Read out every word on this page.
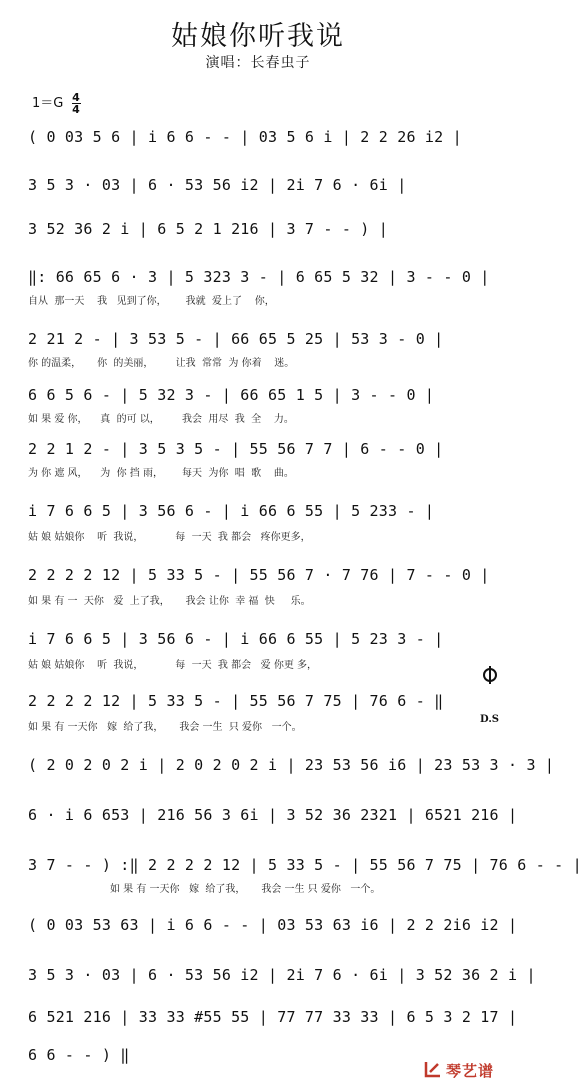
姑娘你听我说
演唱：长春虫子
$1=G \frac{4}{4}$
( 0 03 5 6 | i 6 6 - - | 03 5 6 i | 2 2 26 i2 |
3 5 3 · 03 | 6 · 53 56 i2 | 2i 7 6 · 6i |
3 52 36 2 i | 6 5 2 1 216 | 3 7 - - ) |
‖: 66 65 6 · 3 | 5 323 3 - | 6 65 5 32 | 3 - - 0 |
自从  那一天    我   见到了你，      我就  爱上了    你，
2 21 2 - | 3 53 5 - | 66 65 5 25 | 53 3 - 0 |
你 的温柔，     你  的美丽，       让我  常常  为 你着    迷。
6 6 5 6 - | 5 32 3 - | 66 65 1 5 | 3 - - 0 |
如 果 爱 你，    真  的可 以，       我会  用尽  我  全    力。
2 2 1 2 - | 3 5 3 5 - | 55 56 7 7 | 6 - - 0 |
为 你 遮 风，    为  你 挡 雨，      每天  为你  唱  歌    曲。
i 7 6 6 5 | 3 56 6 - | i 66 6 55 | 5 233 - |
姑 娘 姑娘你    听  我说，          每  一天  我 都会   疼你更多，
2 2 2 2 12 | 5 33 5 - | 55 56 7 · 7 76 | 7 - - 0 |
如 果 有 一  天你   爱  上了我，     我会 让你  幸 福  快     乐。
i 7 6 6 5 | 3 56 6 - | i 66 6 55 | 5 23 3 - |
姑 娘 姑娘你    听  我说，          每  一天  我 都会   爱 你更 多，
2 2 2 2 12 | 5 33 5 - | 55 56 7 75 | 76 6 - ‖
如 果 有 一天你   嫁  给了我，     我会 一生  只 爱你   一个。
D.S
( 2 0 2 0 2 i | 2 0 2 0 2 i | 23 53 56 i6 | 23 53 3 · 3 |
6 · i 6 653 | 216 56 3 6i | 3 52 36 2321 | 6521 216 |
3 7 - - ) :‖ 2 2 2 2 12 | 5 33 5 - | 55 56 7 75 | 76 6 - - |
如 果 有 一天你   嫁  给了我，     我会 一生 只 爱你   一个。
( 0 03 53 63 | i 6 6 - - | 03 53 63 i6 | 2 2 2i6 i2 |
3 5 3 · 03 | 6 · 53 56 i2 | 2i 7 6 · 6i | 3 52 36 2 i |
6 521 216 | 33 33 #55 55 | 77 77 33 33 | 6 5 3 2 17 |
6 6 - - ) ‖
琴艺谱
